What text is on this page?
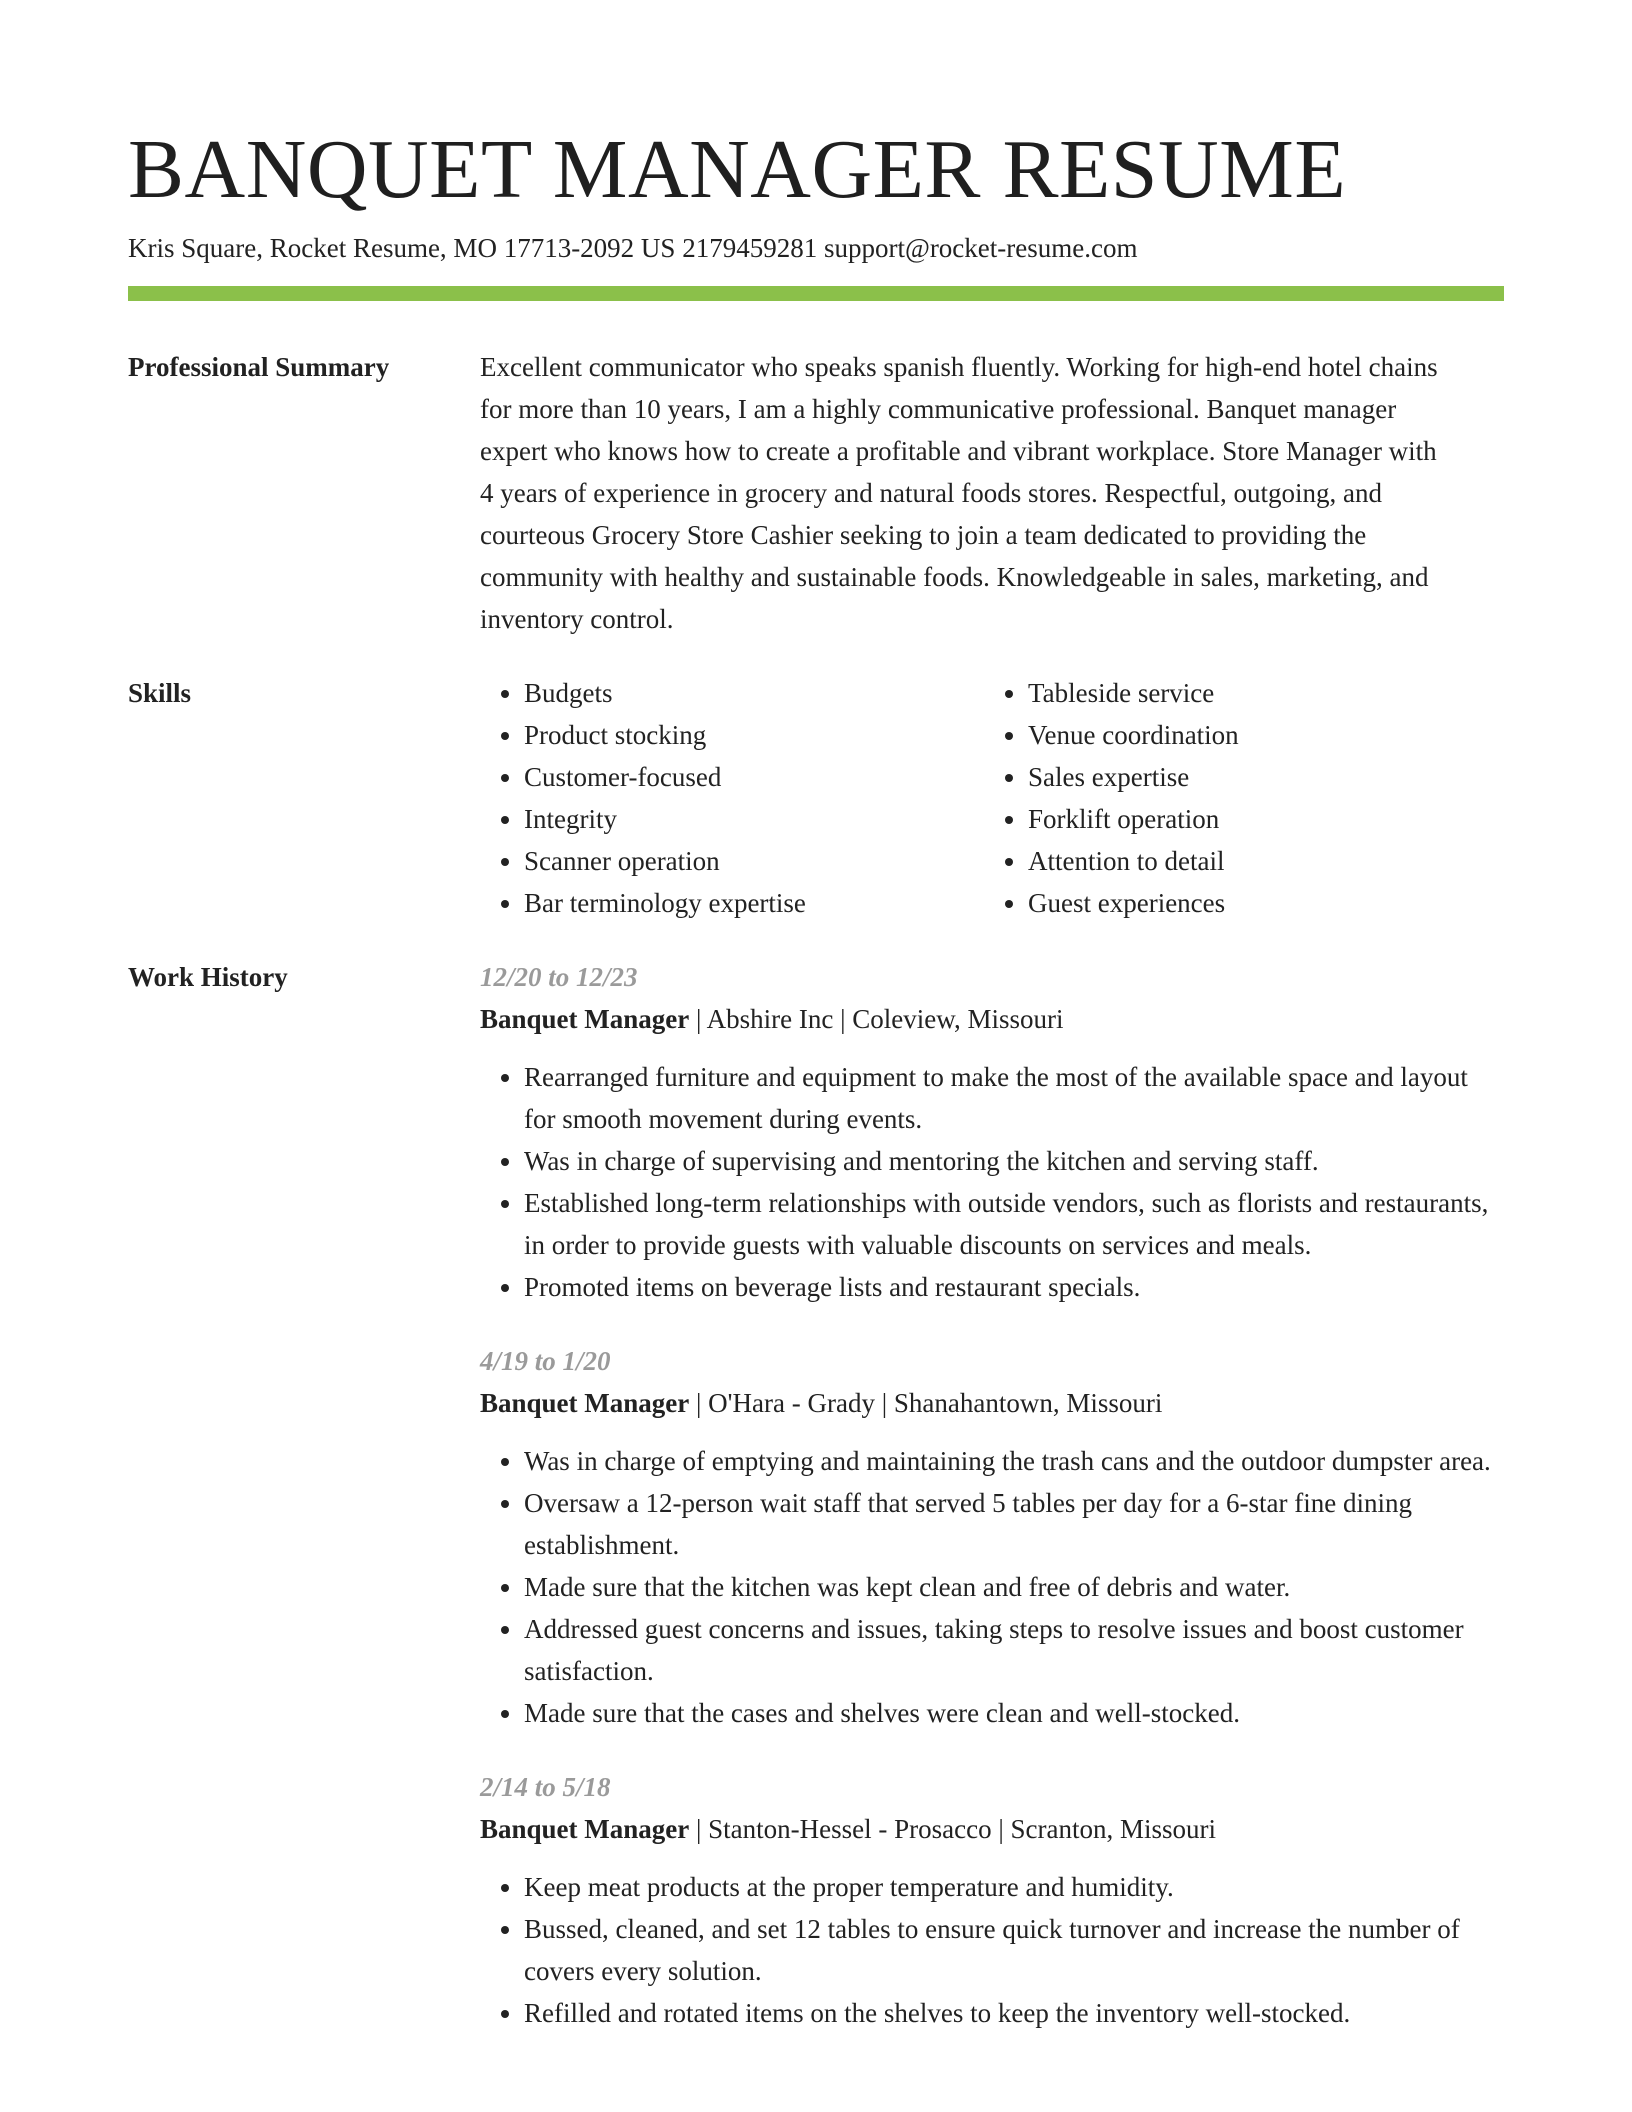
BANQUET MANAGER RESUME
Kris Square, Rocket Resume, MO 17713-2092 US 2179459281 support@rocket-resume.com
Professional Summary	Excellent communicator who speaks spanish fluently. Working for high-end hotel chains
for more than 10 years, I am a highly communicative professional. Banquet manager
expert who knows how to create a profitable and vibrant workplace. Store Manager with
4 years of experience in grocery and natural foods stores. Respectful, outgoing, and
courteous Grocery Store Cashier seeking to join a team dedicated to providing the
community with healthy and sustainable foods. Knowledgeable in sales, marketing, and
inventory control.
Skills
•	Budgets
• Product stocking
• Customer-focused
• Integrity
• Scanner operation
• Bar terminology expertise
• Tableside service
• Venue coordination
• Sales expertise
• Forklift operation
• Attention to detail
• Guest experiences
Work History	12/20 to 12/23
Banquet Manager | Abshire Inc | Coleview, Missouri
• Rearranged furniture and equipment to make the most of the available space and layout for smooth movement during events.
• Was in charge of supervising and mentoring the kitchen and serving staff.
• Established long-term relationships with outside vendors, such as florists and restaurants, in order to provide guests with valuable discounts on services and meals.
• Promoted items on beverage lists and restaurant specials.
4/19 to 1/20
Banquet Manager | O'Hara - Grady | Shanahantown, Missouri
• Was in charge of emptying and maintaining the trash cans and the outdoor dumpster area.
• Oversaw a 12-person wait staff that served 5 tables per day for a 6-star fine dining establishment.
• Made sure that the kitchen was kept clean and free of debris and water.
• Addressed guest concerns and issues, taking steps to resolve issues and boost customer satisfaction.
• Made sure that the cases and shelves were clean and well-stocked.
2/14 to 5/18
Banquet Manager | Stanton-Hessel - Prosacco | Scranton, Missouri
• Keep meat products at the proper temperature and humidity.
• Bussed, cleaned, and set 12 tables to ensure quick turnover and increase the number of covers every solution.
• Refilled and rotated items on the shelves to keep the inventory well-stocked.
